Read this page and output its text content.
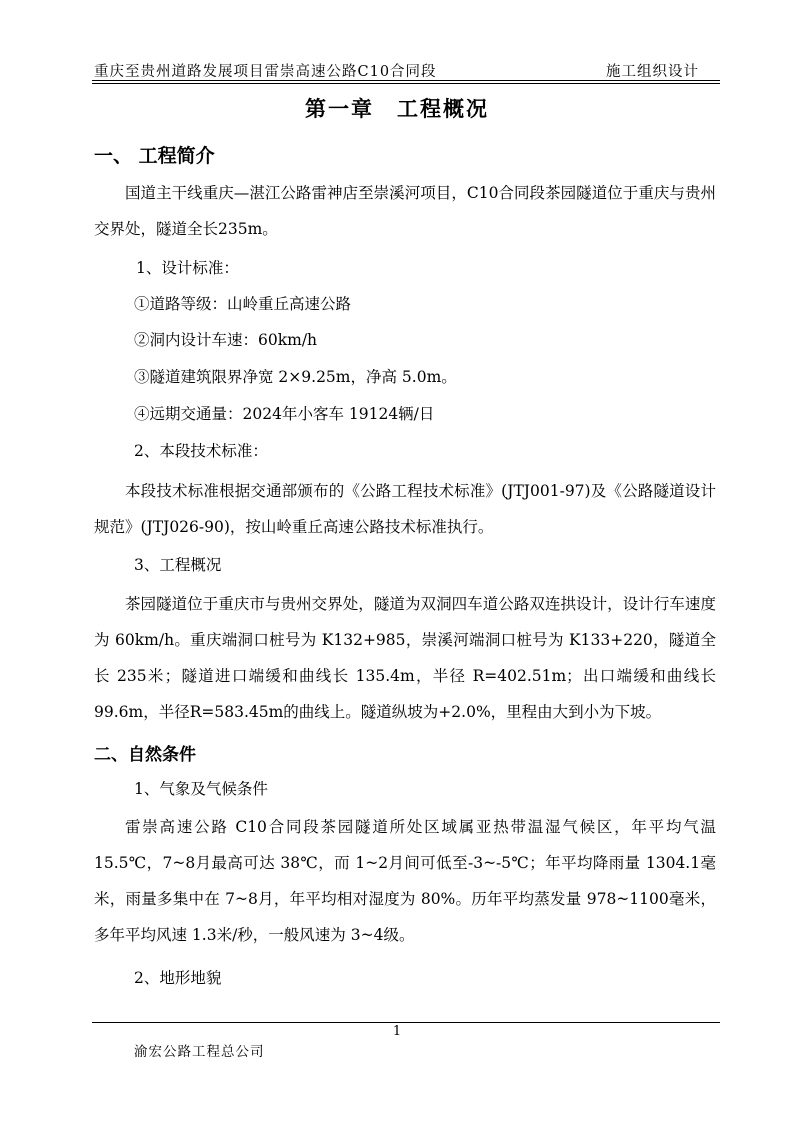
重庆至贵州道路发展项目雷崇高速公路C10合同段	施工组织设计
第一章　工程概况
一、 工程简介

国道主干线重庆—湛江公路雷神店至崇溪河项目，C10合同段茶园隧道位于重庆与贵州交界处，隧道全长235m。

1、设计标准：
①道路等级：山岭重丘高速公路
②洞内设计车速：60km/h
③隧道建筑限界净宽 2×9.25m，净高 5.0m。
④远期交通量：2024年小客车 19124辆/日
2、本段技术标准：

本段技术标准根据交通部颁布的《公路工程技术标准》(JTJ001-97)及《公路隧道设计规范》(JTJ026-90)，按山岭重丘高速公路技术标准执行。

3、工程概况

茶园隧道位于重庆市与贵州交界处，隧道为双洞四车道公路双连拱设计，设计行车速度为 60km/h。重庆端洞口桩号为 K132+985，崇溪河端洞口桩号为 K133+220，隧道全长 235米；隧道进口端缓和曲线长 135.4m，半径 R=402.51m；出口端缓和曲线长 99.6m，半径R=583.45m的曲线上。隧道纵坡为+2.0%，里程由大到小为下坡。

二、自然条件
1、气象及气候条件

雷崇高速公路 C10合同段茶园隧道所处区域属亚热带温湿气候区，年平均气温 15.5℃，7~8月最高可达 38℃，而 1~2月间可低至-3~-5℃；年平均降雨量 1304.1毫米，雨量多集中在 7~8月，年平均相对湿度为 80%。历年平均蒸发量 978~1100毫米，多年平均风速 1.3米/秒，一般风速为 3~4级。

2、地形地貌
1
渝宏公路工程总公司
